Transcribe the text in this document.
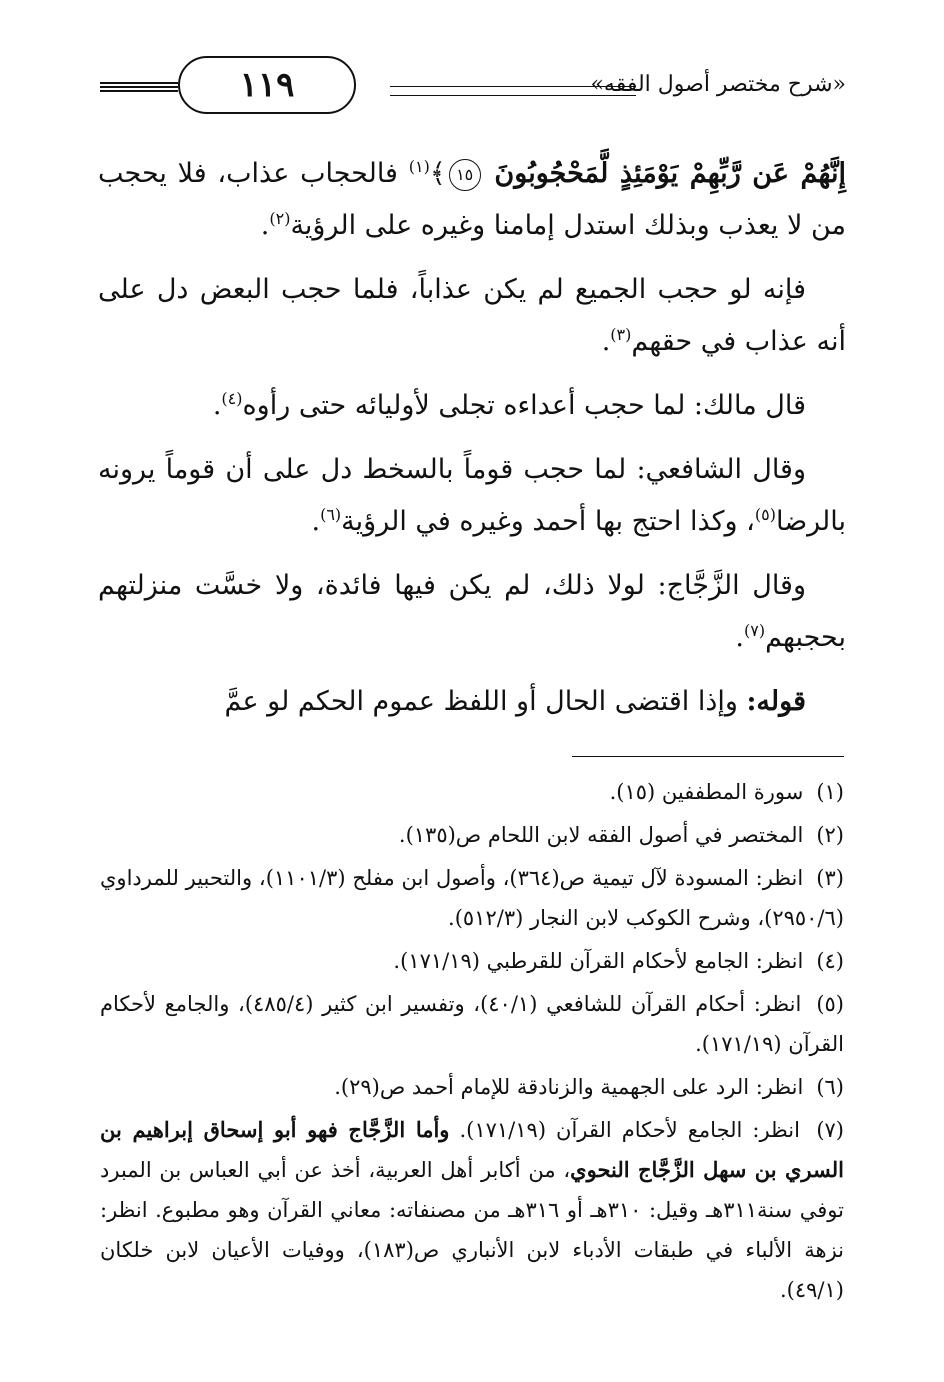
١١٩	«شرح مختصر أصول الفقه»

إِنَّهُمْ عَن رَّبِّهِمْ يَوْمَئِذٍ لَّمَحْجُوبُونَ ١٥﴾$^{(١)}$ فالحجاب عذاب، فلا يحجب من لا يعذب وبذلك استدل إمامنا وغيره على الرؤية$^{(٢)}$.

فإنه لو حجب الجميع لم يكن عذاباً، فلما حجب البعض دل على أنه عذاب في حقهم$^{(٣)}$.

قال مالك: لما حجب أعداءه تجلى لأوليائه حتى رأوه$^{(٤)}$.

وقال الشافعي: لما حجب قوماً بالسخط دل على أن قوماً يرونه بالرضا$^{(٥)}$، وكذا احتج بها أحمد وغيره في الرؤية$^{(٦)}$.

وقال الزَّجَّاج: لولا ذلك، لم يكن فيها فائدة، ولا خسَّت منزلتهم بحجبهم$^{(٧)}$.

قوله: وإذا اقتضى الحال أو اللفظ عموم الحكم لو عمَّ

(١) سورة المطففين (١٥).

(٢) المختصر في أصول الفقه لابن اللحام ص(١٣٥).

(٣) انظر: المسودة لآل تيمية ص(٣٦٤)، وأصول ابن مفلح (١١٠١/٣)، والتحبير للمرداوي (٢٩٥٠/٦)، وشرح الكوكب لابن النجار (٥١٢/٣).

(٤) انظر: الجامع لأحكام القرآن للقرطبي (١٧١/١٩).

(٥) انظر: أحكام القرآن للشافعي (٤٠/١)، وتفسير ابن كثير (٤٨٥/٤)، والجامع لأحكام القرآن (١٧١/١٩).

(٦) انظر: الرد على الجهمية والزنادقة للإمام أحمد ص(٢٩).

(٧) انظر: الجامع لأحكام القرآن (١٧١/١٩). وأما الزَّجَّاج فهو أبو إسحاق إبراهيم بن السري بن سهل الزَّجَّاج النحوي، من أكابر أهل العربية، أخذ عن أبي العباس بن المبرد توفي سنة٣١١هـ وقيل: ٣١٠هـ أو ٣١٦هـ من مصنفاته: معاني القرآن وهو مطبوع. انظر: نزهة الألباء في طبقات الأدباء لابن الأنباري ص(١٨٣)، ووفيات الأعيان لابن خلكان (٤٩/١).
